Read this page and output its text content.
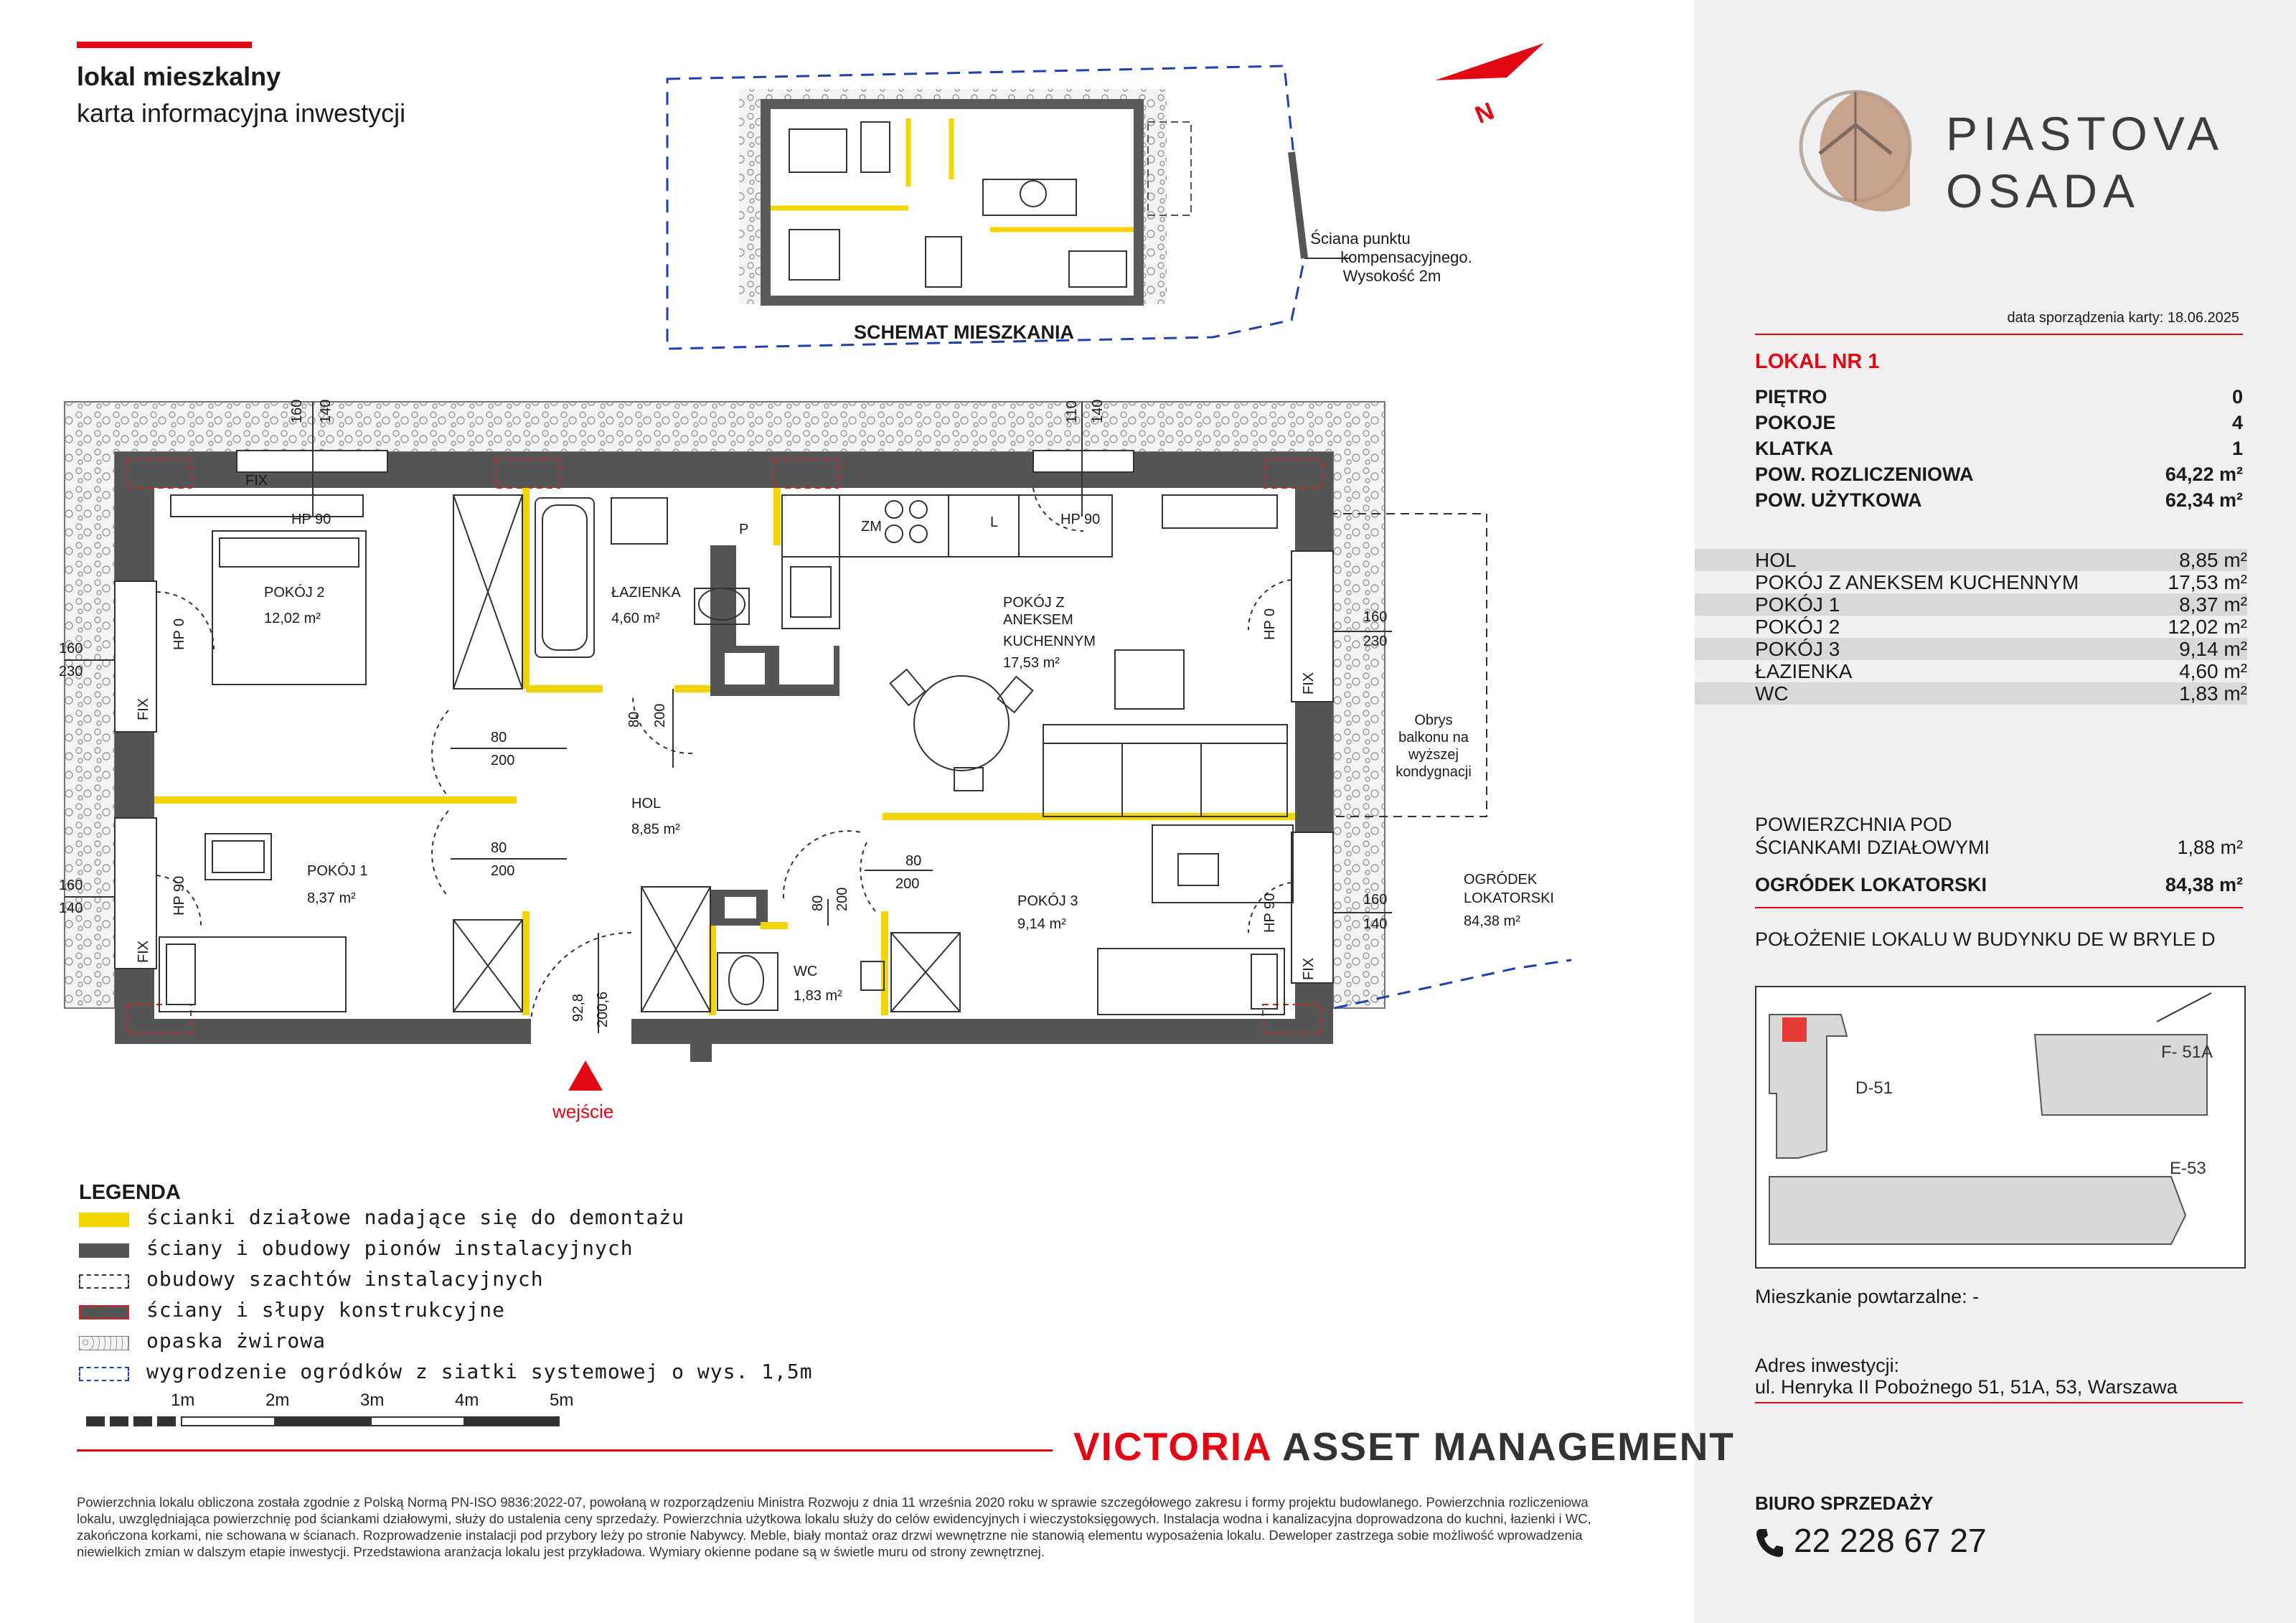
lokal mieszkalny
karta informacyjna inwestycji	PIASTOVA
OSADA
data sporządzenia karty: 18.06.2025
LOKAL NR 1
PIĘTRO	0
POKOJE	4
KLATKA	1
POW. ROZLICZENIOWA	64,22 m²
POW. UŻYTKOWA	62,34 m²
HOL	8,85 m²
POKÓJ Z ANEKSEM KUCHENNYM	17,53 m²
POKÓJ 1	8,37 m²
POKÓJ 2	12,02 m²
POKÓJ 3	9,14 m²
ŁAZIENKA	4,60 m²
WC	1,83 m²
POWIERZCHNIA POD
ŚCIANKAMI DZIAŁOWYMI	1,88 m²
OGRÓDEK LOKATORSKI	84,38 m²
POŁOŻENIE LOKALU W BUDYNKU DE W BRYLE D
D-51
F- 51A
E-53
Mieszkanie powtarzalne: -
Adres inwestycji:
ul. Henryka II Pobożnego 51, 51A, 53, Warszawa
BIURO SPRZEDAŻY
22 228 67 27
N
SCHEMAT MIESZKANIA
Ściana punktu
kompensacyjnego.
Wysokość 2m
POKÓJ 2
12,02 m²
ŁAZIENKA
4,60 m²
POKÓJ Z
ANEKSEM
KUCHENNYM
17,53 m²
HOL
8,85 m²
POKÓJ 1
8,37 m²
WC
1,83 m²
POKÓJ 3
9,14 m²
OGRÓDEK
LOKATORSKI
84,38 m²
Obrys
balkonu na
wyższej
kondygnacji
FIX
HP 90	HP 90
ZM	L
P
160
230
160
140
160
230
160
140
80
200
80
200
80
200
160 140	110 140
80 200
80 200
92,8 200,6
FIX
HP 0
FIX
HP 90
FIX
HP 0
FIX
HP 90
wejście
LEGENDA
ścianki działowe nadające się do demontażu
ściany i obudowy pionów instalacyjnych
obudowy szachtów instalacyjnych
ściany i słupy konstrukcyjne
opaska żwirowa
wygrodzenie ogródków z siatki systemowej o wys. 1,5m
1m	2m	3m	4m	5m
VICTORIA ASSET MANAGEMENT
Powierzchnia lokalu obliczona została zgodnie z Polską Normą PN-ISO 9836:2022-07, powołaną w rozporządzeniu Ministra Rozwoju z dnia 11 września 2020 roku w sprawie szczegółowego zakresu i formy projektu budowlanego. Powierzchnia rozliczeniowa lokalu, uwzględniająca powierzchnię pod ściankami działowymi, służy do ustalenia ceny sprzedaży. Powierzchnia użytkowa lokalu służy do celów ewidencyjnych i wieczystoksięgowych. Instalacja wodna i kanalizacyjna doprowadzona do kuchni, łazienki i WC, zakończona korkami, nie schowana w ścianach. Rozprowadzenie instalacji pod przybory leży po stronie Nabywcy. Meble, biały montaż oraz drzwi wewnętrzne nie stanowią elementu wyposażenia lokalu. Deweloper zastrzega sobie możliwość wprowadzenia niewielkich zmian w dalszym etapie inwestycji. Przedstawiona aranżacja lokalu jest przykładowa. Wymiary okienne podane są w świetle muru od strony zewnętrznej.
